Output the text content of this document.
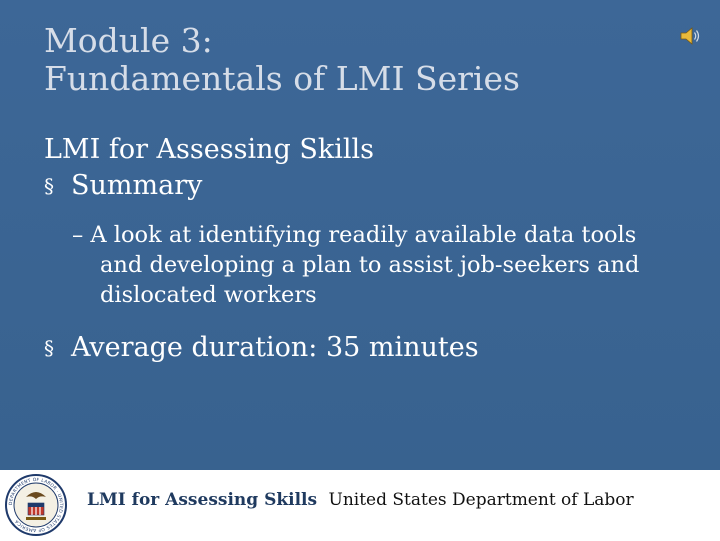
Module 3:
Fundamentals of LMI Series

LMI for Assessing Skills

§ Summary

– A look at identifying readily available data tools and developing a plan to assist job-seekers and dislocated workers

§ Average duration: 35 minutes
DEPARTMENT OF LABOR · UNITED STATES OF AMERICA
LMI for Assessing Skills United States Department of Labor
